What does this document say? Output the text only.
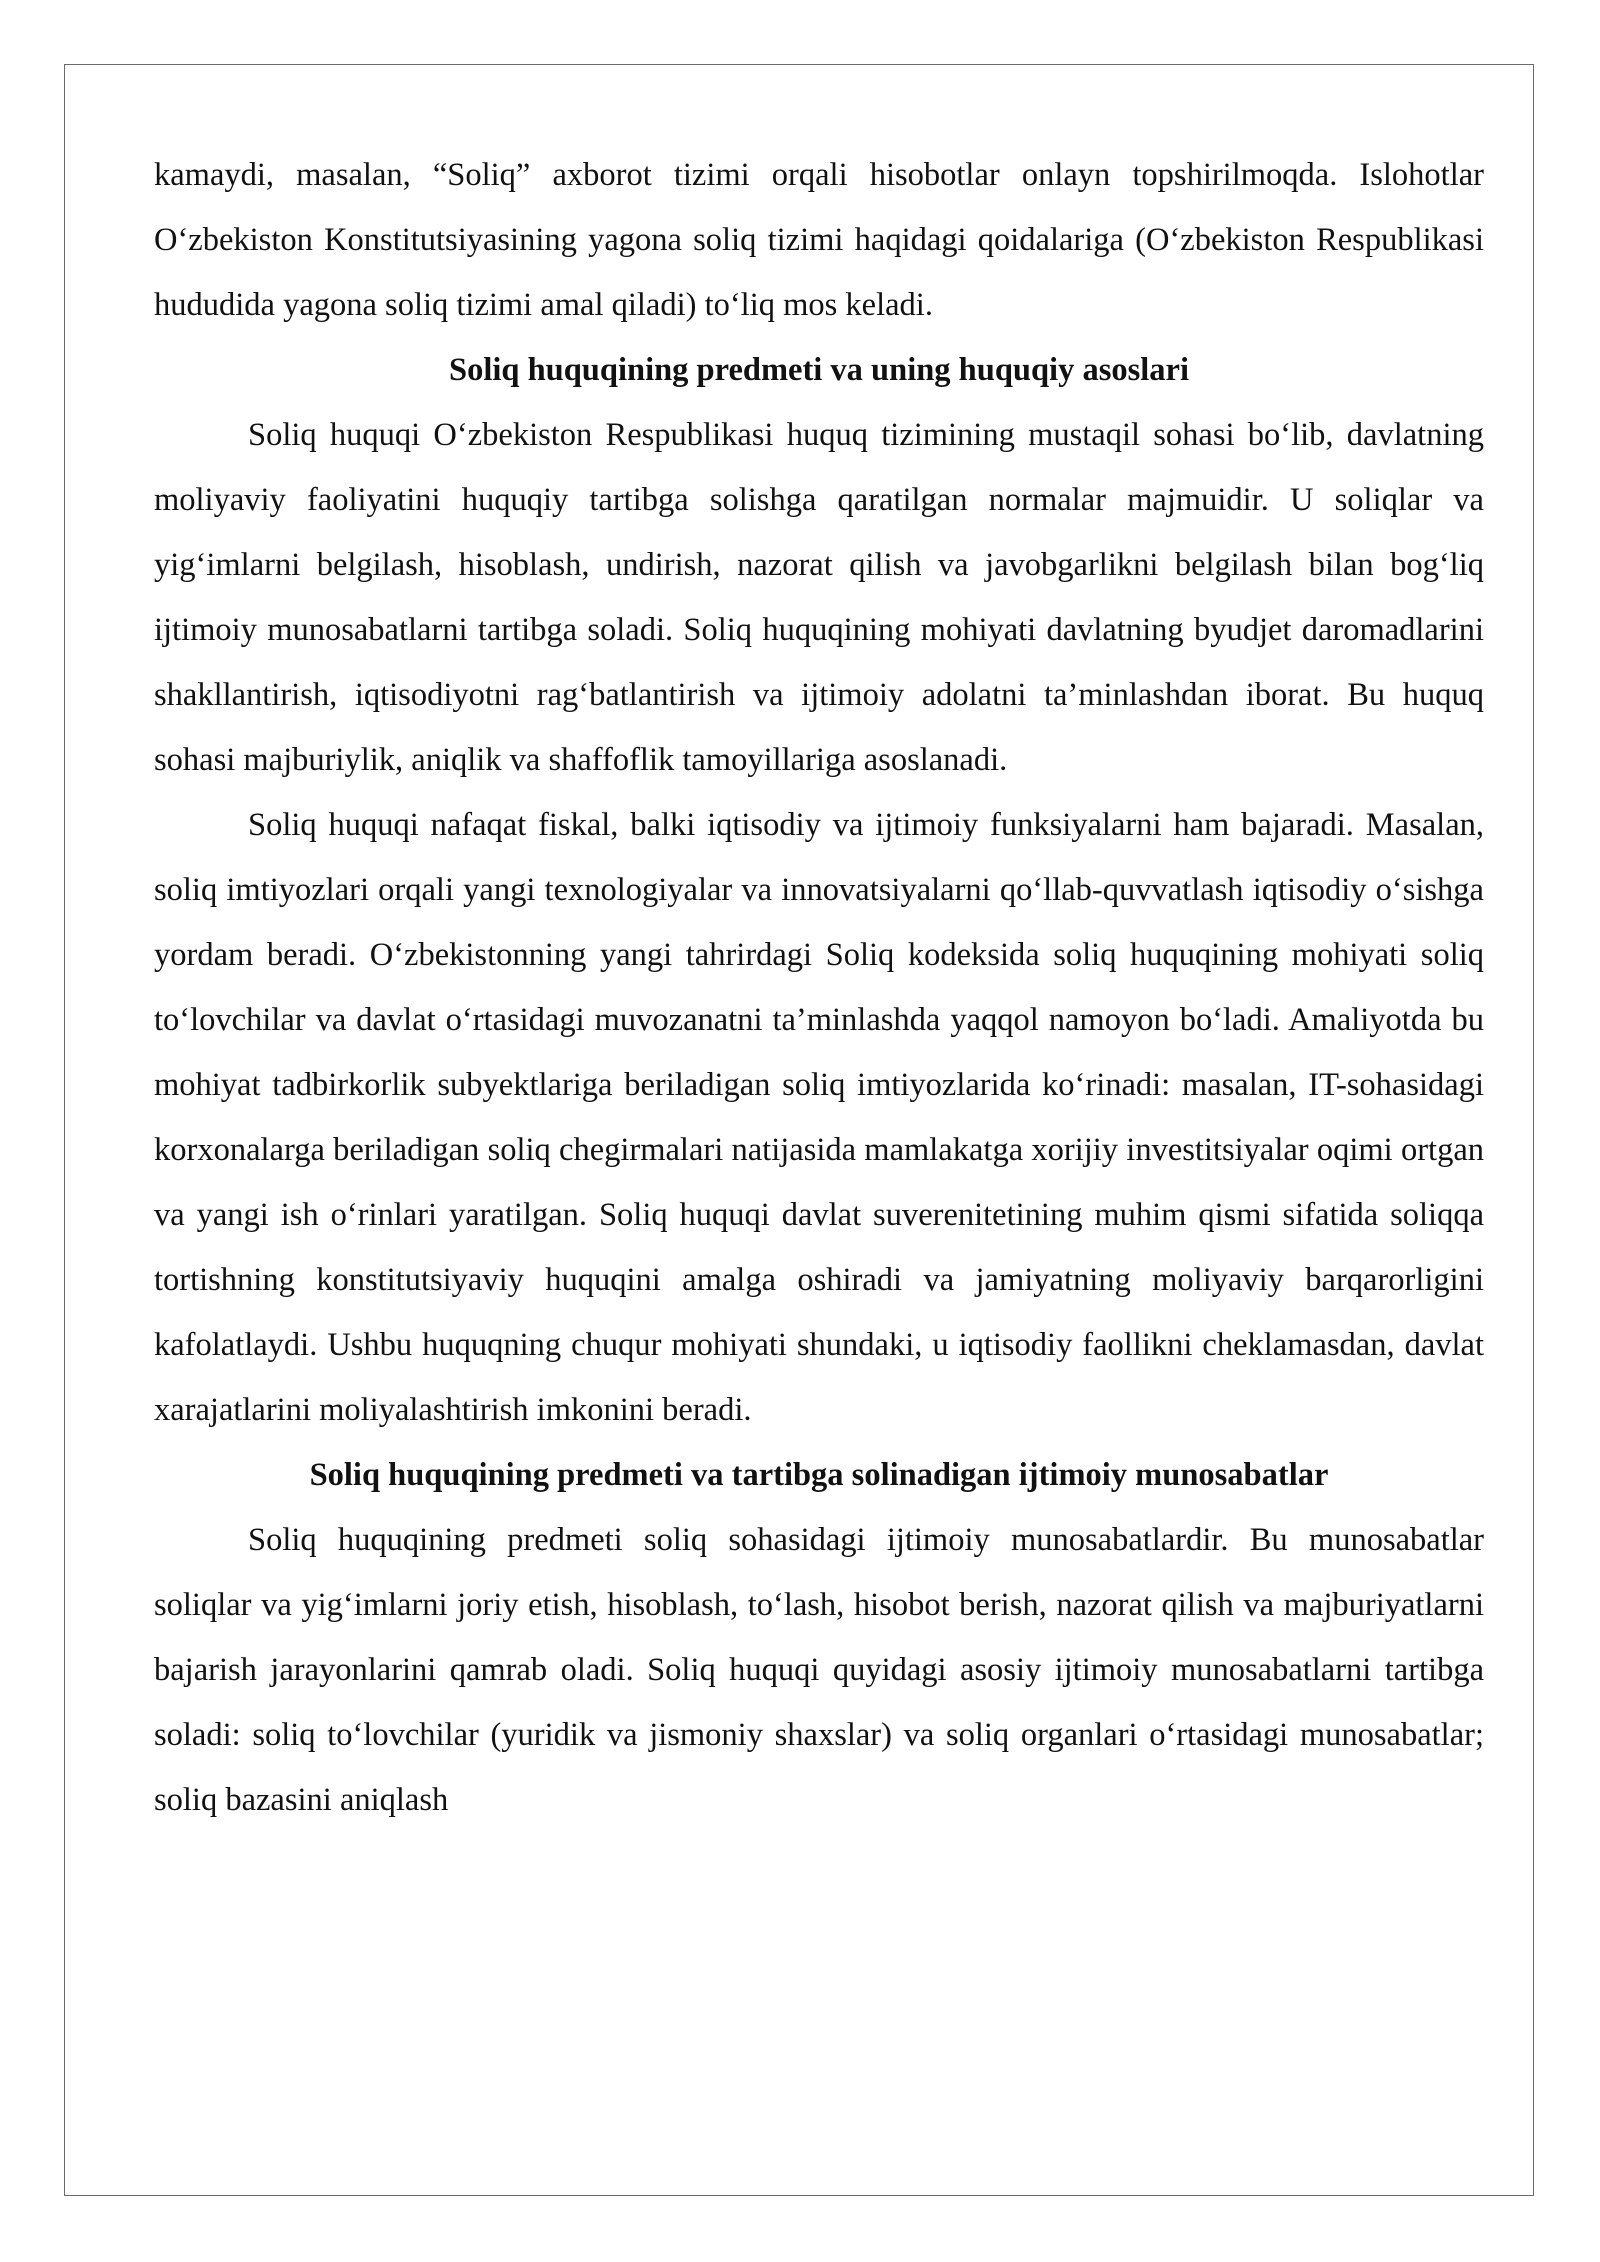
kamaydi, masalan, “Soliq” axborot tizimi orqali hisobotlar onlayn topshirilmoqda. Islohotlar O‘zbekiston Konstitutsiyasining yagona soliq tizimi haqidagi qoidalariga (O‘zbekiston Respublikasi hududida yagona soliq tizimi amal qiladi) to‘liq mos keladi.

Soliq huquqining predmeti va uning huquqiy asoslari

Soliq huquqi O‘zbekiston Respublikasi huquq tizimining mustaqil sohasi bo‘lib, davlatning moliyaviy faoliyatini huquqiy tartibga solishga qaratilgan normalar majmuidir. U soliqlar va yig‘imlarni belgilash, hisoblash, undirish, nazorat qilish va javobgarlikni belgilash bilan bog‘liq ijtimoiy munosabatlarni tartibga soladi. Soliq huquqining mohiyati davlatning byudjet daromadlarini shakllantirish, iqtisodiyotni rag‘batlantirish va ijtimoiy adolatni ta’minlashdan iborat. Bu huquq sohasi majburiylik, aniqlik va shaffoflik tamoyillariga asoslanadi.

Soliq huquqi nafaqat fiskal, balki iqtisodiy va ijtimoiy funksiyalarni ham bajaradi. Masalan, soliq imtiyozlari orqali yangi texnologiyalar va innovatsiyalarni qo‘llab-quvvatlash iqtisodiy o‘sishga yordam beradi. O‘zbekistonning yangi tahrirdagi Soliq kodeksida soliq huquqining mohiyati soliq to‘lovchilar va davlat o‘rtasidagi muvozanatni ta’minlashda yaqqol namoyon bo‘ladi. Amaliyotda bu mohiyat tadbirkorlik subyektlariga beriladigan soliq imtiyozlarida ko‘rinadi: masalan, IT-sohasidagi korxonalarga beriladigan soliq chegirmalari natijasida mamlakatga xorijiy investitsiyalar oqimi ortgan va yangi ish o‘rinlari yaratilgan. Soliq huquqi davlat suverenitetining muhim qismi sifatida soliqqa tortishning konstitutsiyaviy huquqini amalga oshiradi va jamiyatning moliyaviy barqarorligini kafolatlaydi. Ushbu huquqning chuqur mohiyati shundaki, u iqtisodiy faollikni cheklamasdan, davlat xarajatlarini moliyalashtirish imkonini beradi.

Soliq huquqining predmeti va tartibga solinadigan ijtimoiy munosabatlar

Soliq huquqining predmeti soliq sohasidagi ijtimoiy munosabatlardir. Bu munosabatlar soliqlar va yig‘imlarni joriy etish, hisoblash, to‘lash, hisobot berish, nazorat qilish va majburiyatlarni bajarish jarayonlarini qamrab oladi. Soliq huquqi quyidagi asosiy ijtimoiy munosabatlarni tartibga soladi: soliq to‘lovchilar (yuridik va jismoniy shaxslar) va soliq organlari o‘rtasidagi munosabatlar; soliq bazasini aniqlash
